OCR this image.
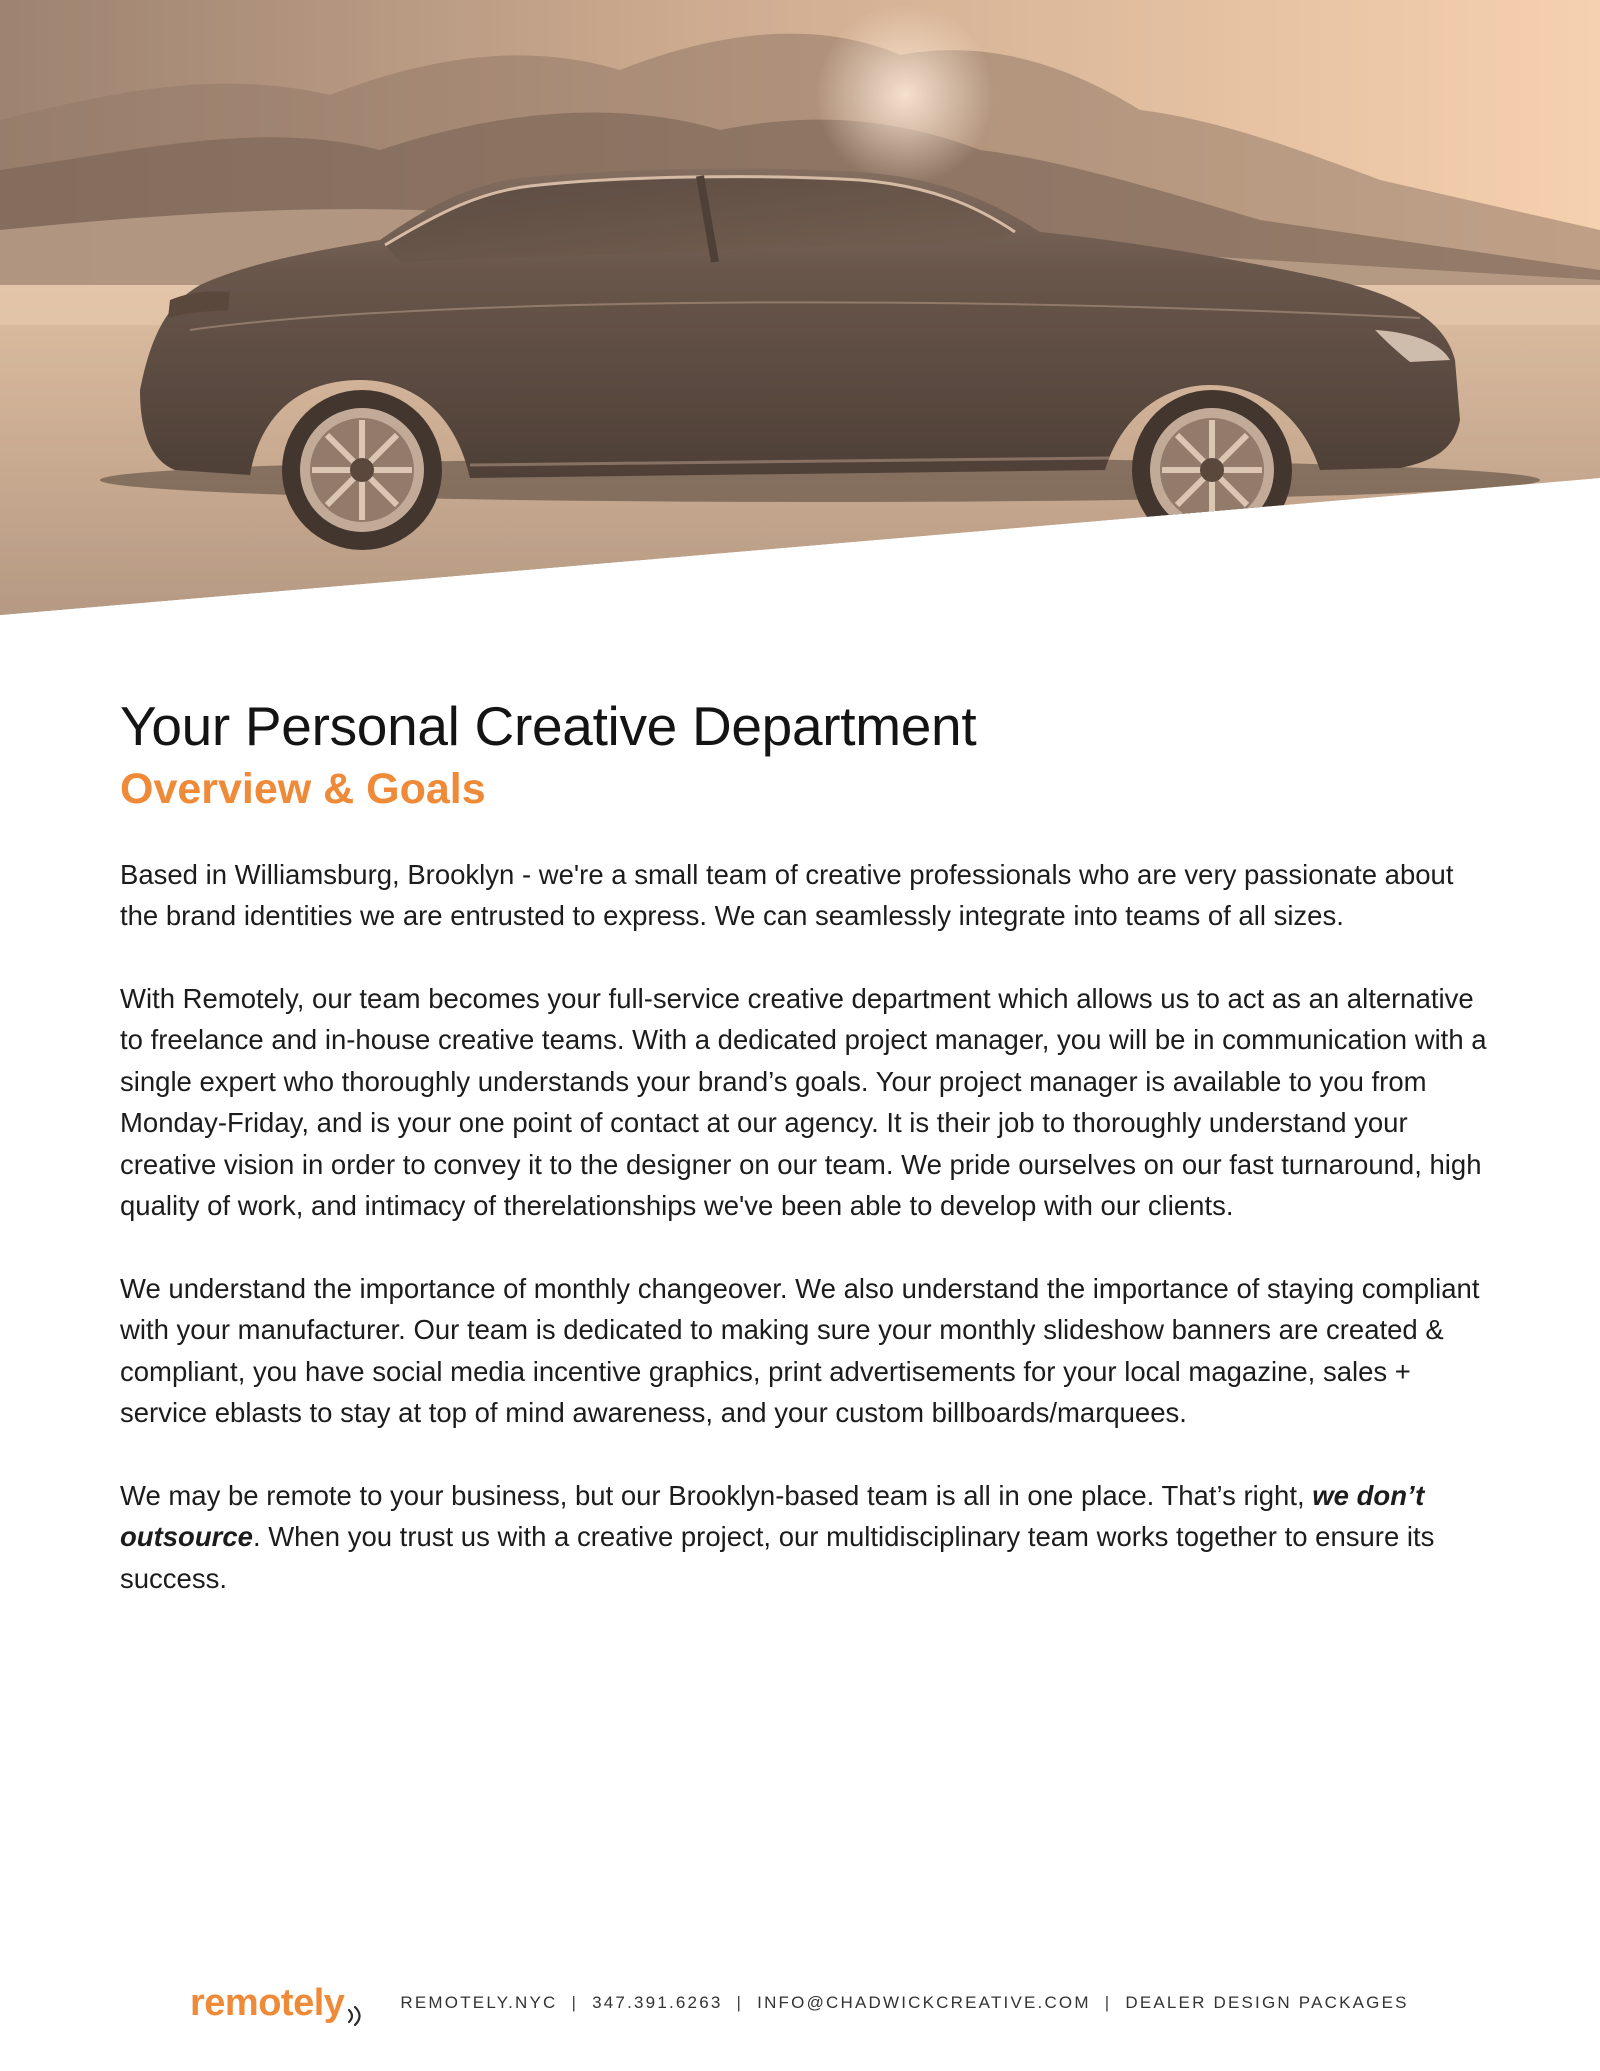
Your Personal Creative Department
Overview & Goals

Based in Williamsburg, Brooklyn - we're a small team of creative professionals who are very passionate about the brand identities we are entrusted to express. We can seamlessly integrate into teams of all sizes.

With Remotely, our team becomes your full-service creative department which allows us to act as an alternative to freelance and in-house creative teams. With a dedicated project manager, you will be in communication with a single expert who thoroughly understands your brand’s goals. Your project manager is available to you from Monday-Friday, and is your one point of contact at our agency. It is their job to thoroughly understand your creative vision in order to convey it to the designer on our team. We pride ourselves on our fast turnaround, high quality of work, and intimacy of therelationships we've been able to develop with our clients.

We understand the importance of monthly changeover. We also understand the importance of staying compliant with your manufacturer. Our team is dedicated to making sure your monthly slideshow banners are created & compliant, you have social media incentive graphics, print advertisements for your local magazine, sales + service eblasts to stay at top of mind awareness, and your custom billboards/marquees.

We may be remote to your business, but our Brooklyn-based team is all in one place. That’s right, we don’t outsource. When you trust us with a creative project, our multidisciplinary team works together to ensure its success.

remotely	REMOTELY.NYC | 347.391.6263 | INFO@CHADWICKCREATIVE.COM | DEALER DESIGN PACKAGES
